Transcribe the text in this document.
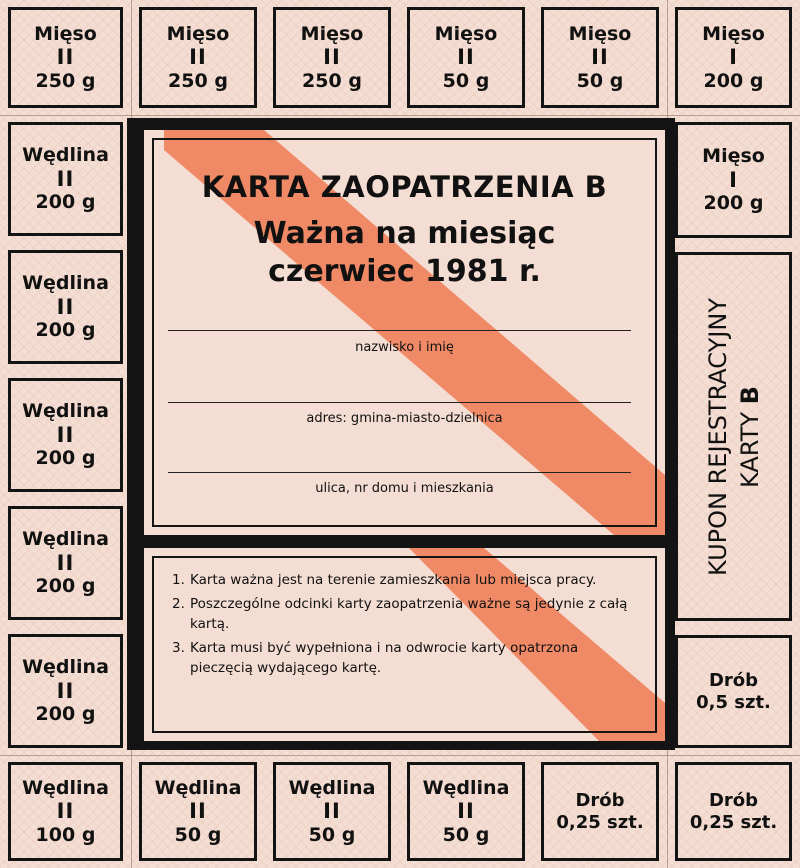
Mięso
II
250 g
Mięso
II
250 g
Mięso
II
250 g
Mięso
II
50 g
Mięso
II
50 g
Mięso
I
200 g
Wędlina
II
200 g
Wędlina
II
200 g
Wędlina
II
200 g
Wędlina
II
200 g
Wędlina
II
200 g
Mięso
I
200 g
KUPON REJESTRACYJNY KARTY B
Drób
0,5 szt.
Wędlina
II
100 g
Wędlina
II
50 g
Wędlina
II
50 g
Wędlina
II
50 g
Drób
0,25 szt.
Drób
0,25 szt.
KARTA ZAOPATRZENIA B
Ważna na miesiąc
czerwiec 1981 r.
nazwisko i imię
adres: gmina-miasto-dzielnica
ulica, nr domu i mieszkania
1. Karta ważna jest na terenie zamieszkania lub miejsca pracy.
2. Poszczególne odcinki karty zaopatrzenia ważne są jedynie z całą kartą.
3. Karta musi być wypełniona i na odwrocie karty opatrzona pieczęcią wydającego kartę.
